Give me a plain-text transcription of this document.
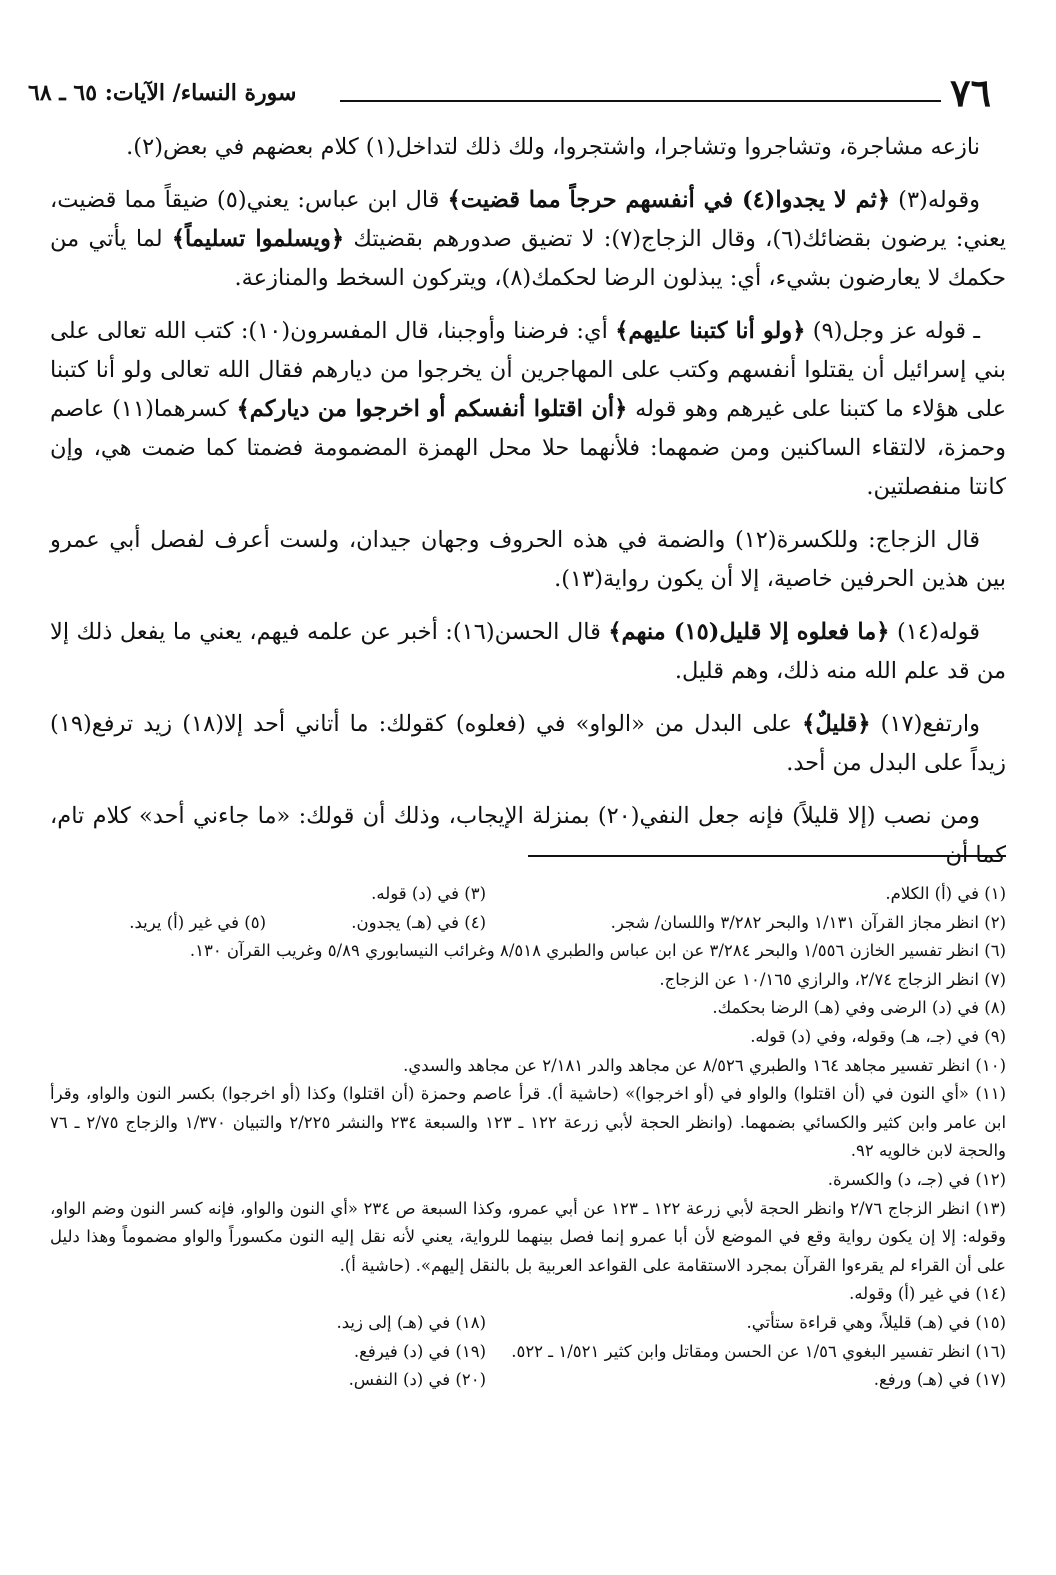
٧٦
سورة النساء/ الآيات: ٦٥ ـ ٦٨

نازعه مشاجرة، وتشاجروا وتشاجرا، واشتجروا، ولك ذلك لتداخل(١) كلام بعضهم في بعض(٢).

وقوله(٣) ﴿ثم لا يجدوا(٤) في أنفسهم حرجاً مما قضيت﴾ قال ابن عباس: يعني(٥) ضيقاً مما قضيت، يعني: يرضون بقضائك(٦)، وقال الزجاج(٧): لا تضيق صدورهم بقضيتك ﴿ويسلموا تسليماً﴾ لما يأتي من حكمك لا يعارضون بشيء، أي: يبذلون الرضا لحكمك(٨)، ويتركون السخط والمنازعة.

ـ قوله عز وجل(٩) ﴿ولو أنا كتبنا عليهم﴾ أي: فرضنا وأوجبنا، قال المفسرون(١٠): كتب الله تعالى على بني إسرائيل أن يقتلوا أنفسهم وكتب على المهاجرين أن يخرجوا من ديارهم فقال الله تعالى ولو أنا كتبنا على هؤلاء ما كتبنا على غيرهم وهو قوله ﴿أن اقتلوا أنفسكم أو اخرجوا من دياركم﴾ كسرهما(١١) عاصم وحمزة، لالتقاء الساكنين ومن ضمهما: فلأنهما حلا محل الهمزة المضمومة فضمتا كما ضمت هي، وإن كانتا منفصلتين.

قال الزجاج: وللكسرة(١٢) والضمة في هذه الحروف وجهان جيدان، ولست أعرف لفصل أبي عمرو بين هذين الحرفين خاصية، إلا أن يكون رواية(١٣).

قوله(١٤) ﴿ما فعلوه إلا قليل(١٥) منهم﴾ قال الحسن(١٦): أخبر عن علمه فيهم، يعني ما يفعل ذلك إلا من قد علم الله منه ذلك، وهم قليل.

وارتفع(١٧) ﴿قليلٌ﴾ على البدل من «الواو» في (فعلوه) كقولك: ما أتاني أحد إلا(١٨) زيد ترفع(١٩) زيداً على البدل من أحد.

ومن نصب (إلا قليلاً) فإنه جعل النفي(٢٠) بمنزلة الإيجاب، وذلك أن قولك: «ما جاءني أحد» كلام تام، كما أن

(١) في (أ) الكلام.
(٣) في (د) قوله.
(٢) انظر مجاز القرآن ١/١٣١ والبحر ٣/٢٨٢ واللسان/ شجر.
(٤) في (هـ) يجدون.
(٥) في غير (أ) يريد.
(٦) انظر تفسير الخازن ١/٥٥٦ والبحر ٣/٢٨٤ عن ابن عباس والطبري ٨/٥١٨ وغرائب النيسابوري ٥/٨٩ وغريب القرآن ١٣٠.
(٧) انظر الزجاج ٢/٧٤، والرازي ١٠/١٦٥ عن الزجاج.
(٨) في (د) الرضى وفي (هـ) الرضا بحكمك.
(٩) في (جـ، هـ) وقوله، وفي (د) قوله.
(١٠) انظر تفسير مجاهد ١٦٤ والطبري ٨/٥٢٦ عن مجاهد والدر ٢/١٨١ عن مجاهد والسدي.
(١١) «أي النون في (أن اقتلوا) والواو في (أو اخرجوا)» (حاشية أ). قرأ عاصم وحمزة (أن اقتلوا) وكذا (أو اخرجوا) بكسر النون والواو، وقرأ ابن عامر وابن كثير والكسائي بضمهما. (وانظر الحجة لأبي زرعة ١٢٢ ـ ١٢٣ والسبعة ٢٣٤ والنشر ٢/٢٢٥ والتبيان ١/٣٧٠ والزجاج ٢/٧٥ ـ ٧٦ والحجة لابن خالويه ٩٢.
(١٢) في (جـ، د) والكسرة.
(١٣) انظر الزجاج ٢/٧٦ وانظر الحجة لأبي زرعة ١٢٢ ـ ١٢٣ عن أبي عمرو، وكذا السبعة ص ٢٣٤ «أي النون والواو، فإنه كسر النون وضم الواو، وقوله: إلا إن يكون رواية وقع في الموضع لأن أبا عمرو إنما فصل بينهما للرواية، يعني لأنه نقل إليه النون مكسوراً والواو مضموماً وهذا دليل على أن القراء لم يقرءوا القرآن بمجرد الاستقامة على القواعد العربية بل بالنقل إليهم». (حاشية أ).
(١٤) في غير (أ) وقوله.
(١٥) في (هـ) قليلاً، وهي قراءة ستأتي.
(١٨) في (هـ) إلى زيد.
(١٦) انظر تفسير البغوي ١/٥٦ عن الحسن ومقاتل وابن كثير ١/٥٢١ ـ ٥٢٢.
(١٩) في (د) فيرفع.
(١٧) في (هـ) ورفع.
(٢٠) في (د) النفس.
